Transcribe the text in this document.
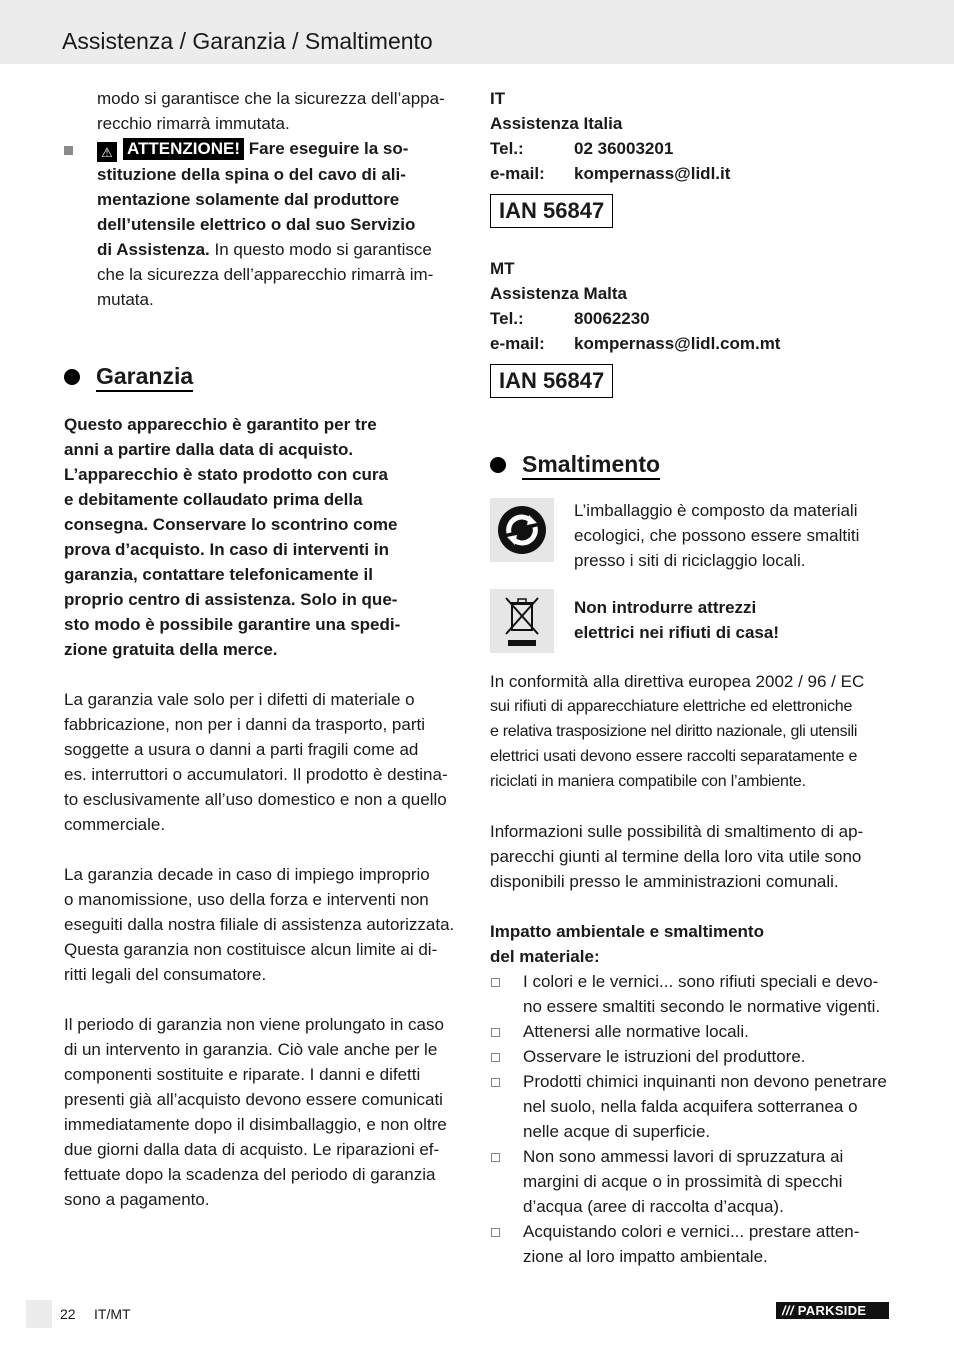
Assistenza / Garanzia / Smaltimento

modo si garantisce che la sicurezza dell’appa-

recchio rimarrà immutata.

⚠ ATTENZIONE! Fare eseguire la so-

stituzione della spina o del cavo di ali-

mentazione solamente dal produttore

dell’utensile elettrico o dal suo Servizio

di Assistenza. In questo modo si garantisce

che la sicurezza dell’apparecchio rimarrà im-

mutata.

Garanzia

Questo apparecchio è garantito per tre

anni a partire dalla data di acquisto.

L’apparecchio è stato prodotto con cura

e debitamente collaudato prima della

consegna. Conservare lo scontrino come

prova d’acquisto. In caso di interventi in

garanzia, contattare telefonicamente il

proprio centro di assistenza. Solo in que-

sto modo è possibile garantire una spedi-

zione gratuita della merce.

La garanzia vale solo per i difetti di materiale o

fabbricazione, non per i danni da trasporto, parti

soggette a usura o danni a parti fragili come ad

es. interruttori o accumulatori. Il prodotto è destina-

to esclusivamente all’uso domestico e non a quello

commerciale.

La garanzia decade in caso di impiego improprio

o manomissione, uso della forza e interventi non

eseguiti dalla nostra filiale di assistenza autorizzata.

Questa garanzia non costituisce alcun limite ai di-

ritti legali del consumatore.

Il periodo di garanzia non viene prolungato in caso

di un intervento in garanzia. Ciò vale anche per le

componenti sostituite e riparate. I danni e difetti

presenti già all’acquisto devono essere comunicati

immediatamente dopo il disimballaggio, e non oltre

due giorni dalla data di acquisto. Le riparazioni ef-

fettuate dopo la scadenza del periodo di garanzia

sono a pagamento.

IT
Assistenza Italia
Tel.:	02 36003201
e-mail:	kompernass@lidl.it
IAN 56847
MT
Assistenza Malta
Tel.:	80062230
e-mail:	kompernass@lidl.com.mt
IAN 56847
Smaltimento

L’imballaggio è composto da materiali

ecologici, che possono essere smaltiti

presso i siti di riciclaggio locali.

Non introdurre attrezzi

elettrici nei rifiuti di casa!

In conformità alla direttiva europea 2002 / 96 / EC

sui rifiuti di apparecchiature elettriche ed elettroniche

e relativa trasposizione nel diritto nazionale, gli utensili

elettrici usati devono essere raccolti separatamente e

riciclati in maniera compatibile con l’ambiente.

Informazioni sulle possibilità di smaltimento di ap-

parecchi giunti al termine della loro vita utile sono

disponibili presso le amministrazioni comunali.

Impatto ambientale e smaltimento

del materiale:

I colori e le vernici... sono rifiuti speciali e devo-
no essere smaltiti secondo le normative vigenti.
Attenersi alle normative locali.
Osservare le istruzioni del produttore.
Prodotti chimici inquinanti non devono penetrare
nel suolo, nella falda acquifera sotterranea o
nelle acque di superficie.
Non sono ammessi lavori di spruzzatura ai
margini di acque o in prossimità di specchi
d’acqua (aree di raccolta d’acqua).
Acquistando colori e vernici... prestare atten-
zione al loro impatto ambientale.
22 IT/MT	/// PARKSIDE
